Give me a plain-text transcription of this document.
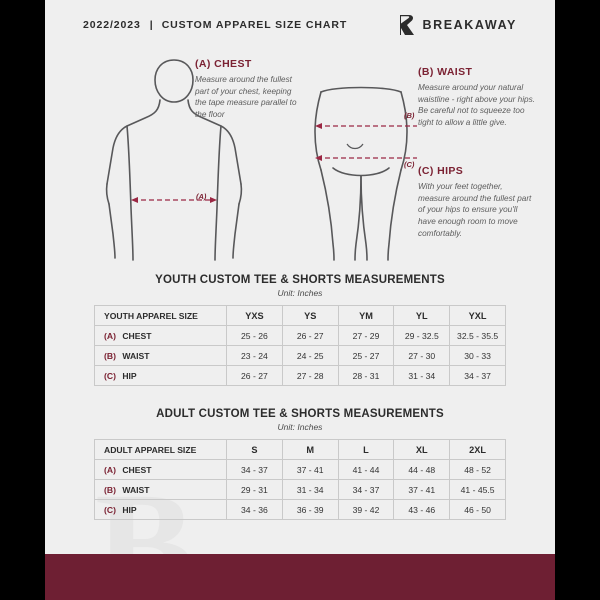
2022/2023 | CUSTOM APPAREL SIZE CHART	BREAKAWAY
(A)
(B)
(C)
(A) CHEST

Measure around the fullest part of your chest, keeping the tape measure parallel to the floor

(B) WAIST

Measure around your natural waistline - right above your hips. Be careful not to squeeze too tight to allow a little give.

(C) HIPS

With your feet together, measure around the fullest part of your hips to ensure you'll have enough room to move comfortably.

YOUTH CUSTOM TEE & SHORTS MEASUREMENTS
Unit: Inches
YOUTH APPAREL SIZE	YXS	YS	YM	YL	YXL
(A) CHEST	25 - 26	26 - 27	27 - 29	29 - 32.5	32.5 - 35.5
(B) WAIST	23 - 24	24 - 25	25 - 27	27 - 30	30 - 33
(C) HIP	26 - 27	27 - 28	28 - 31	31 - 34	34 - 37
ADULT CUSTOM TEE & SHORTS MEASUREMENTS
Unit: Inches
ADULT APPAREL SIZE	S	M	L	XL	2XL
(A) CHEST	34 - 37	37 - 41	41 - 44	44 - 48	48 - 52
(B) WAIST	29 - 31	31 - 34	34 - 37	37 - 41	41 - 45.5
(C) HIP	34 - 36	36 - 39	39 - 42	43 - 46	46 - 50
